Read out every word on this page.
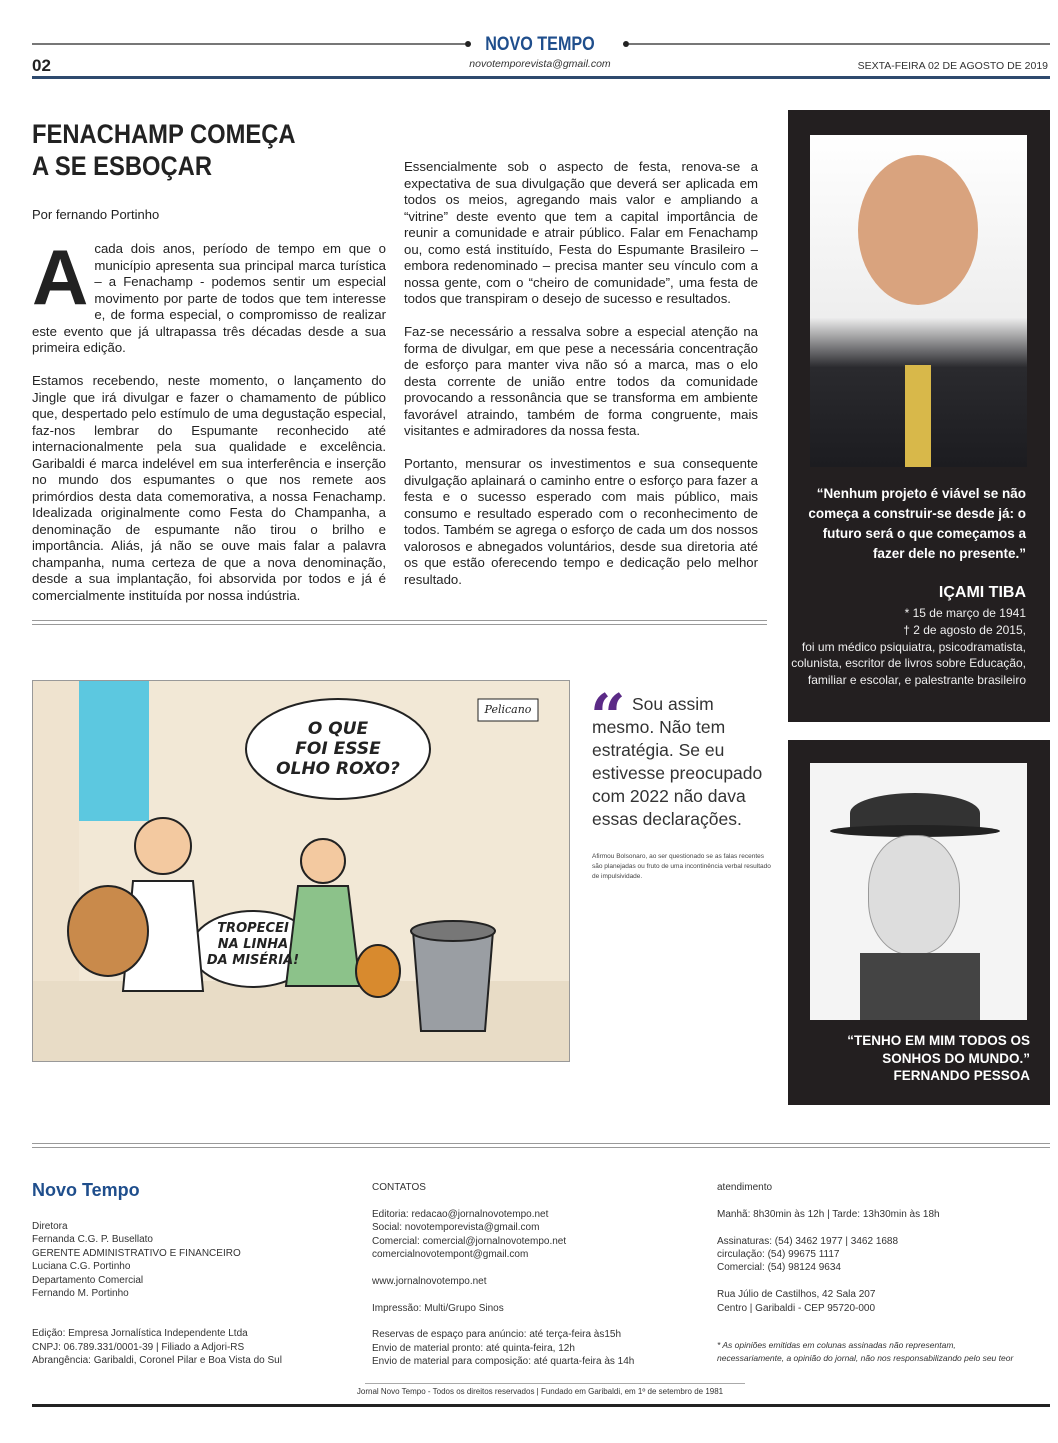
NOVO TEMPO
novotemporevista@gmail.com
02	SEXTA-FEIRA 02 DE AGOSTO DE 2019
FENACHAMP COMEÇA
A SE ESBOÇAR
Por fernando Portinho

Acada dois anos, período de tempo em que o município apresenta sua principal marca turística – a Fenachamp - podemos sentir um especial movimento por parte de todos que tem interesse e, de forma especial, o compromisso de realizar este evento que já ultrapassa três décadas desde a sua primeira edição.

Estamos recebendo, neste momento, o lançamento do Jingle que irá divulgar e fazer o chamamento de público que, despertado pelo estímulo de uma degustação especial, faz-nos lembrar do Espumante reconhecido até internacionalmente pela sua qualidade e excelência. Garibaldi é marca indelével em sua interferência e inserção no mundo dos espumantes o que nos remete aos primórdios desta data comemorativa, a nossa Fenachamp. Idealizada originalmente como Festa do Champanha, a denominação de espumante não tirou o brilho e importância. Aliás, já não se ouve mais falar a palavra champanha, numa certeza de que a nova denominação, desde a sua implantação, foi absorvida por todos e já é comercialmente instituída por nossa indústria.

Essencialmente sob o aspecto de festa, renova-se a expectativa de sua divulgação que deverá ser aplicada em todos os meios, agregando mais valor e ampliando a “vitrine” deste evento que tem a capital importância de reunir a comunidade e atrair público. Falar em Fenachamp ou, como está instituído, Festa do Espumante Brasileiro – embora redenominado – precisa manter seu vínculo com a nossa gente, com o “cheiro de comunidade”, uma festa de todos que transpiram o desejo de sucesso e resultados.

Faz-se necessário a ressalva sobre a especial atenção na forma de divulgar, em que pese a necessária concentração de esforço para manter viva não só a marca, mas o elo desta corrente de união entre todos da comunidade provocando a ressonância que se transforma em ambiente favorável atraindo, também de forma congruente, mais visitantes e admiradores da nossa festa.

Portanto, mensurar os investimentos e sua consequente divulgação aplainará o caminho entre o esforço para fazer a festa e o sucesso esperado com mais público, mais consumo e resultado esperado com o reconhecimento de todos. Também se agrega o esforço de cada um dos nossos valorosos e abnegados voluntários, desde sua diretoria até os que estão oferecendo tempo e dedicação pelo melhor resultado.

O QUE
FOI ESSE
OLHO ROXO?
TROPECEI
NA LINHA
DA MISÉRIA!
Pelicano “ Sou assim mesmo. Não tem estratégia. Se eu estivesse preocupado com 2022 não dava essas declarações.
Afirmou Bolsonaro, ao ser questionado se as falas recentes são planejadas ou fruto de uma incontinência verbal resultado de impulsividade.
“Nenhum projeto é viável se não começa a construir-se desde já: o futuro será o que começamos a fazer dele no presente.”
IÇAMI TIBA
* 15 de março de 1941
† 2 de agosto de 2015,
foi um médico psiquiatra, psicodramatista, colunista, escritor de livros sobre Educação, familiar e escolar, e palestrante brasileiro
“TENHO EM MIM TODOS OS SONHOS DO MUNDO.”
FERNANDO PESSOA
Novo Tempo
Diretora
Fernanda C.G. P. Busellato
GERENTE ADMINISTRATIVO E FINANCEIRO
Luciana C.G. Portinho
Departamento Comercial
Fernando M. Portinho
Edição: Empresa Jornalística Independente Ltda
CNPJ: 06.789.331/0001-39 | Filiado a Adjori-RS
Abrangência: Garibaldi, Coronel Pilar e Boa Vista do Sul
CONTATOS
Editoria: redacao@jornalnovotempo.net
Social: novotemporevista@gmail.com
Comercial: comercial@jornalnovotempo.net
comercialnovotempont@gmail.com
www.jornalnovotempo.net
Impressão: Multi/Grupo Sinos
Reservas de espaço para anúncio: até terça-feira às15h
Envio de material pronto: até quinta-feira, 12h
Envio de material para composição: até quarta-feira às 14h
atendimento
Manhã: 8h30min às 12h | Tarde: 13h30min às 18h
Assinaturas: (54) 3462 1977 | 3462 1688
circulação: (54) 99675 1117
Comercial: (54) 98124 9634
Rua Júlio de Castilhos, 42 Sala 207
Centro | Garibaldi - CEP 95720-000
* As opiniões emitidas em colunas assinadas não representam,
necessariamente, a opinião do jornal, não nos responsabilizando pelo seu teor
Jornal Novo Tempo - Todos os direitos reservados | Fundado em Garibaldi, em 1º de setembro de 1981
